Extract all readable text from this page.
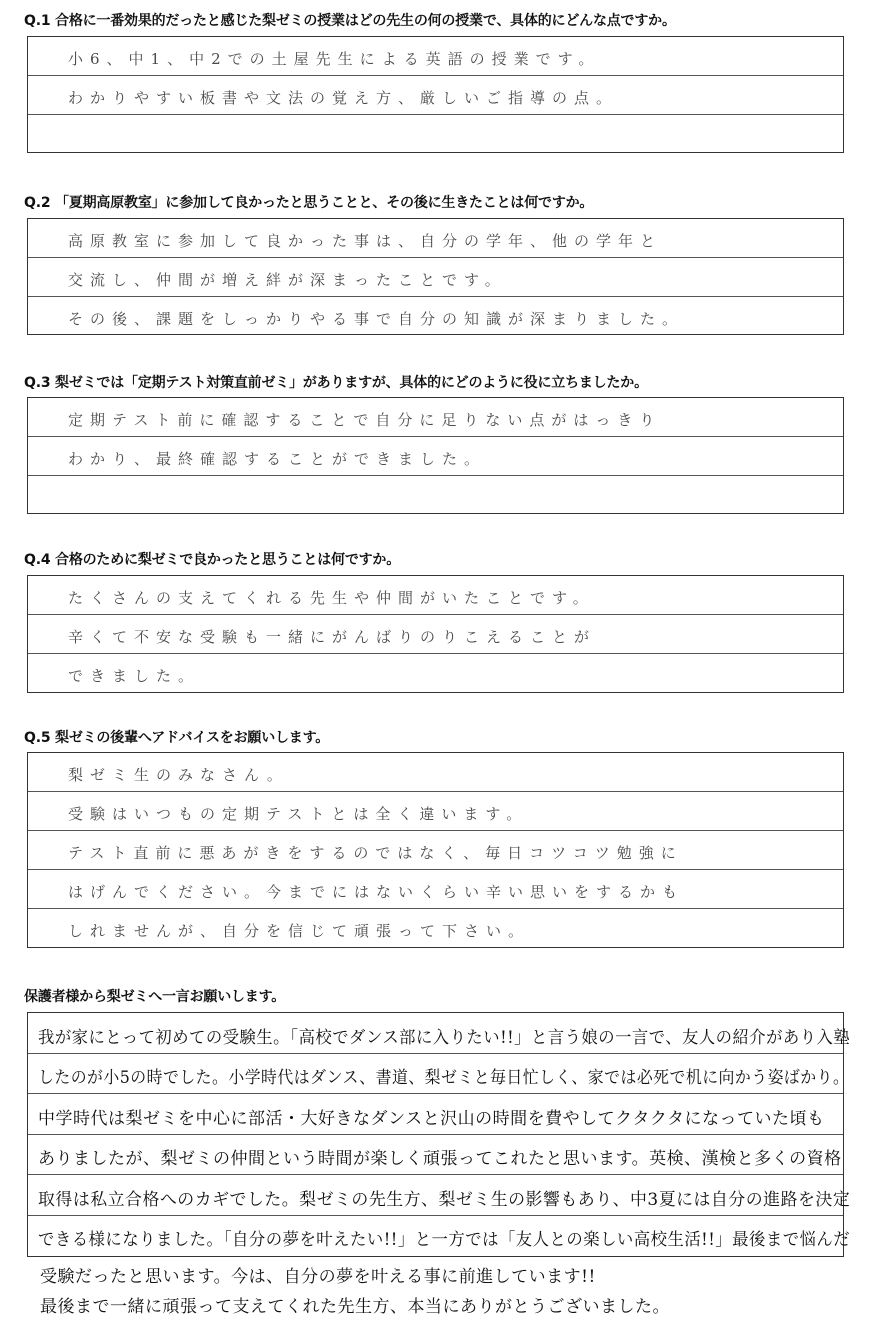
Q.1 合格に一番効果的だったと感じた梨ゼミの授業はどの先生の何の授業で、具体的にどんな点ですか。
小6、中1、中2での土屋先生による英語の授業です。
わかりやすい板書や文法の覚え方、厳しいご指導の点。
Q.2 「夏期高原教室」に参加して良かったと思うことと、その後に生きたことは何ですか。
高原教室に参加して良かった事は、自分の学年、他の学年と
交流し、仲間が増え絆が深まったことです。
その後、課題をしっかりやる事で自分の知識が深まりました。
Q.3 梨ゼミでは「定期テスト対策直前ゼミ」がありますが、具体的にどのように役に立ちましたか。
定期テスト前に確認することで自分に足りない点がはっきり
わかり、最終確認することができました。
Q.4 合格のために梨ゼミで良かったと思うことは何ですか。
たくさんの支えてくれる先生や仲間がいたことです。
辛くて不安な受験も一緒にがんばりのりこえることが
できました。
Q.5 梨ゼミの後輩へアドバイスをお願いします。
梨ゼミ生のみなさん。
受験はいつもの定期テストとは全く違います。
テスト直前に悪あがきをするのではなく、毎日コツコツ勉強に
はげんでください。今までにはないくらい辛い思いをするかも
しれませんが、自分を信じて頑張って下さい。
保護者様から梨ゼミへ一言お願いします。
我が家にとって初めての受験生。「高校でダンス部に入りたい!!」と言う娘の一言で、友人の紹介があり入塾
したのが小5の時でした。小学時代はダンス、書道、梨ゼミと毎日忙しく、家では必死で机に向かう姿ばかり。
中学時代は梨ゼミを中心に部活・大好きなダンスと沢山の時間を費やしてクタクタになっていた頃も
ありましたが、梨ゼミの仲間という時間が楽しく頑張ってこれたと思います。英検、漢検と多くの資格
取得は私立合格へのカギでした。梨ゼミの先生方、梨ゼミ生の影響もあり、中3夏には自分の進路を決定
できる様になりました。「自分の夢を叶えたい!!」と一方では「友人との楽しい高校生活!!」最後まで悩んだ
受験だったと思います。今は、自分の夢を叶える事に前進しています!!
最後まで一緒に頑張って支えてくれた先生方、本当にありがとうございました。
